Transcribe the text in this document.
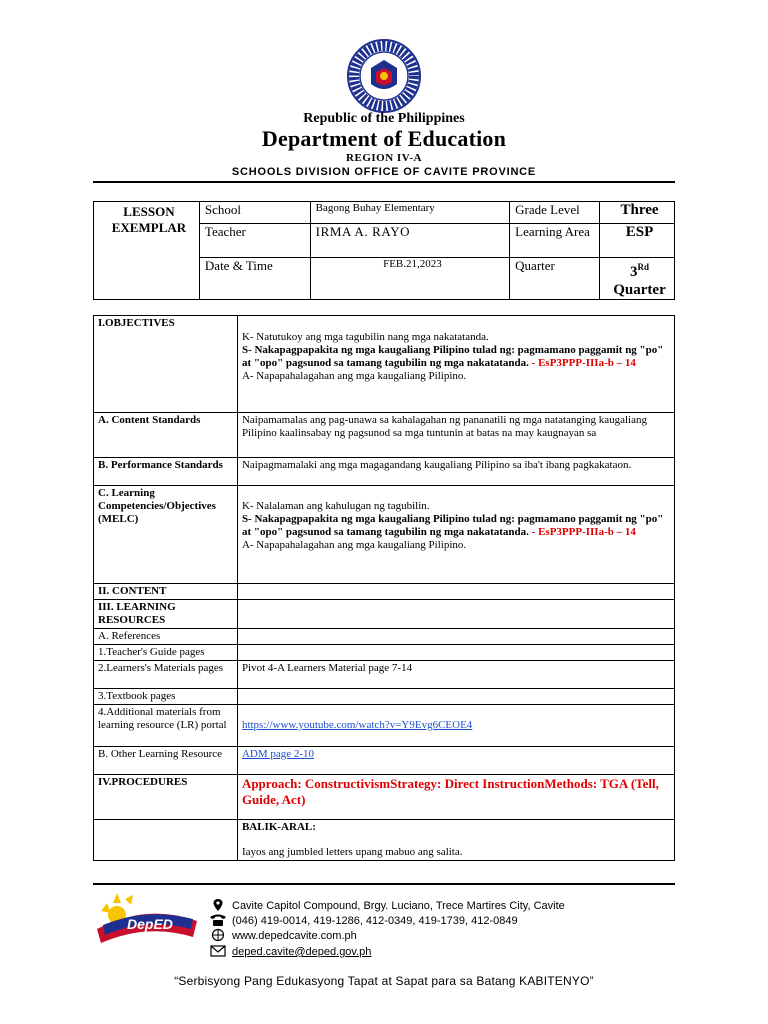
Republic of the Philippines
Department of Education
REGION IV-A
SCHOOLS DIVISION OFFICE OF CAVITE PROVINCE
LESSON EXEMPLAR	School	Bagong Buhay Elementary	Grade Level	Three
	Teacher	IRMA A. RAYO	Learning Area	ESP
	Date & Time	FEB.21,2023	Quarter	3Rd
Quarter
I.OBJECTIVES	K- Natutukoy ang mga tagubilin nang mga nakatatanda.
S- Nakapagpapakita ng mga kaugaliang Pilipino tulad ng: pagmamano paggamit ng "po" at "opo" pagsunod sa tamang tagubilin ng mga nakatatanda. - EsP3PPP-IIIa-b – 14
A- Napapahalagahan ang mga kaugaliang Pilipino.

A. Content Standards	Naipamamalas ang pag-unawa sa kahalagahan ng pananatili ng mga natatanging kaugaliang Pilipino kaalinsabay ng pagsunod sa mga tuntunin at batas na may kaugnayan sa
B. Performance Standards	Naipagmamalaki ang mga magagandang kaugaliang Pilipino sa iba't ibang pagkakataon.
C. Learning Competencies/Objectives (MELC)	K- Nalalaman ang kahulugan ng tagubilin.
S- Nakapagpapakita ng mga kaugaliang Pilipino tulad ng: pagmamano paggamit ng "po" at "opo" pagsunod sa tamang tagubilin ng mga nakatatanda. - EsP3PPP-IIIa-b – 14
A- Napapahalagahan ang mga kaugaliang Pilipino.

II. CONTENT	
III. LEARNING RESOURCES	
A. References	
1.Teacher's Guide pages	
2.Learners's Materials pages	Pivot 4-A Learners Material page 7-14
3.Textbook pages	
4.Additional materials from learning resource (LR) portal	https://www.youtube.com/watch?v=Y9Evg6CEOE4
B. Other Learning Resource	ADM page 2-10
IV.PROCEDURES	Approach: ConstructivismStrategy: Direct InstructionMethods: TGA (Tell, Guide, Act)

	BALIK-ARAL:
Iayos ang jumbled letters upang mabuo ang salita.
DepED
CAVITE
Cavite Capitol Compound, Brgy. Luciano, Trece Martires City, Cavite
(046) 419-0014, 419-1286, 412-0349, 419-1739, 412-0849
www.depedcavite.com.ph
deped.cavite@deped.gov.ph
“Serbisyong Pang Edukasyong Tapat at Sapat para sa Batang KABITENYO”
